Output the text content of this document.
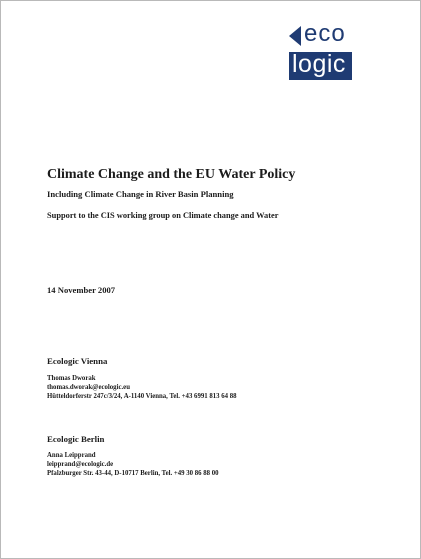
eco
logic
Climate Change and the EU Water Policy
Including Climate Change in River Basin Planning
Support to the CIS working group on Climate change and Water
14 November 2007
Ecologic Vienna
Thomas Dworak
thomas.dworak@ecologic.eu
Hütteldorferstr 247c/3/24, A-1140 Vienna, Tel. +43 6991 813 64 88
Ecologic Berlin
Anna Leipprand
leipprand@ecologic.de
Pfalzburger Str. 43-44, D-10717 Berlin, Tel. +49 30 86 88 00
